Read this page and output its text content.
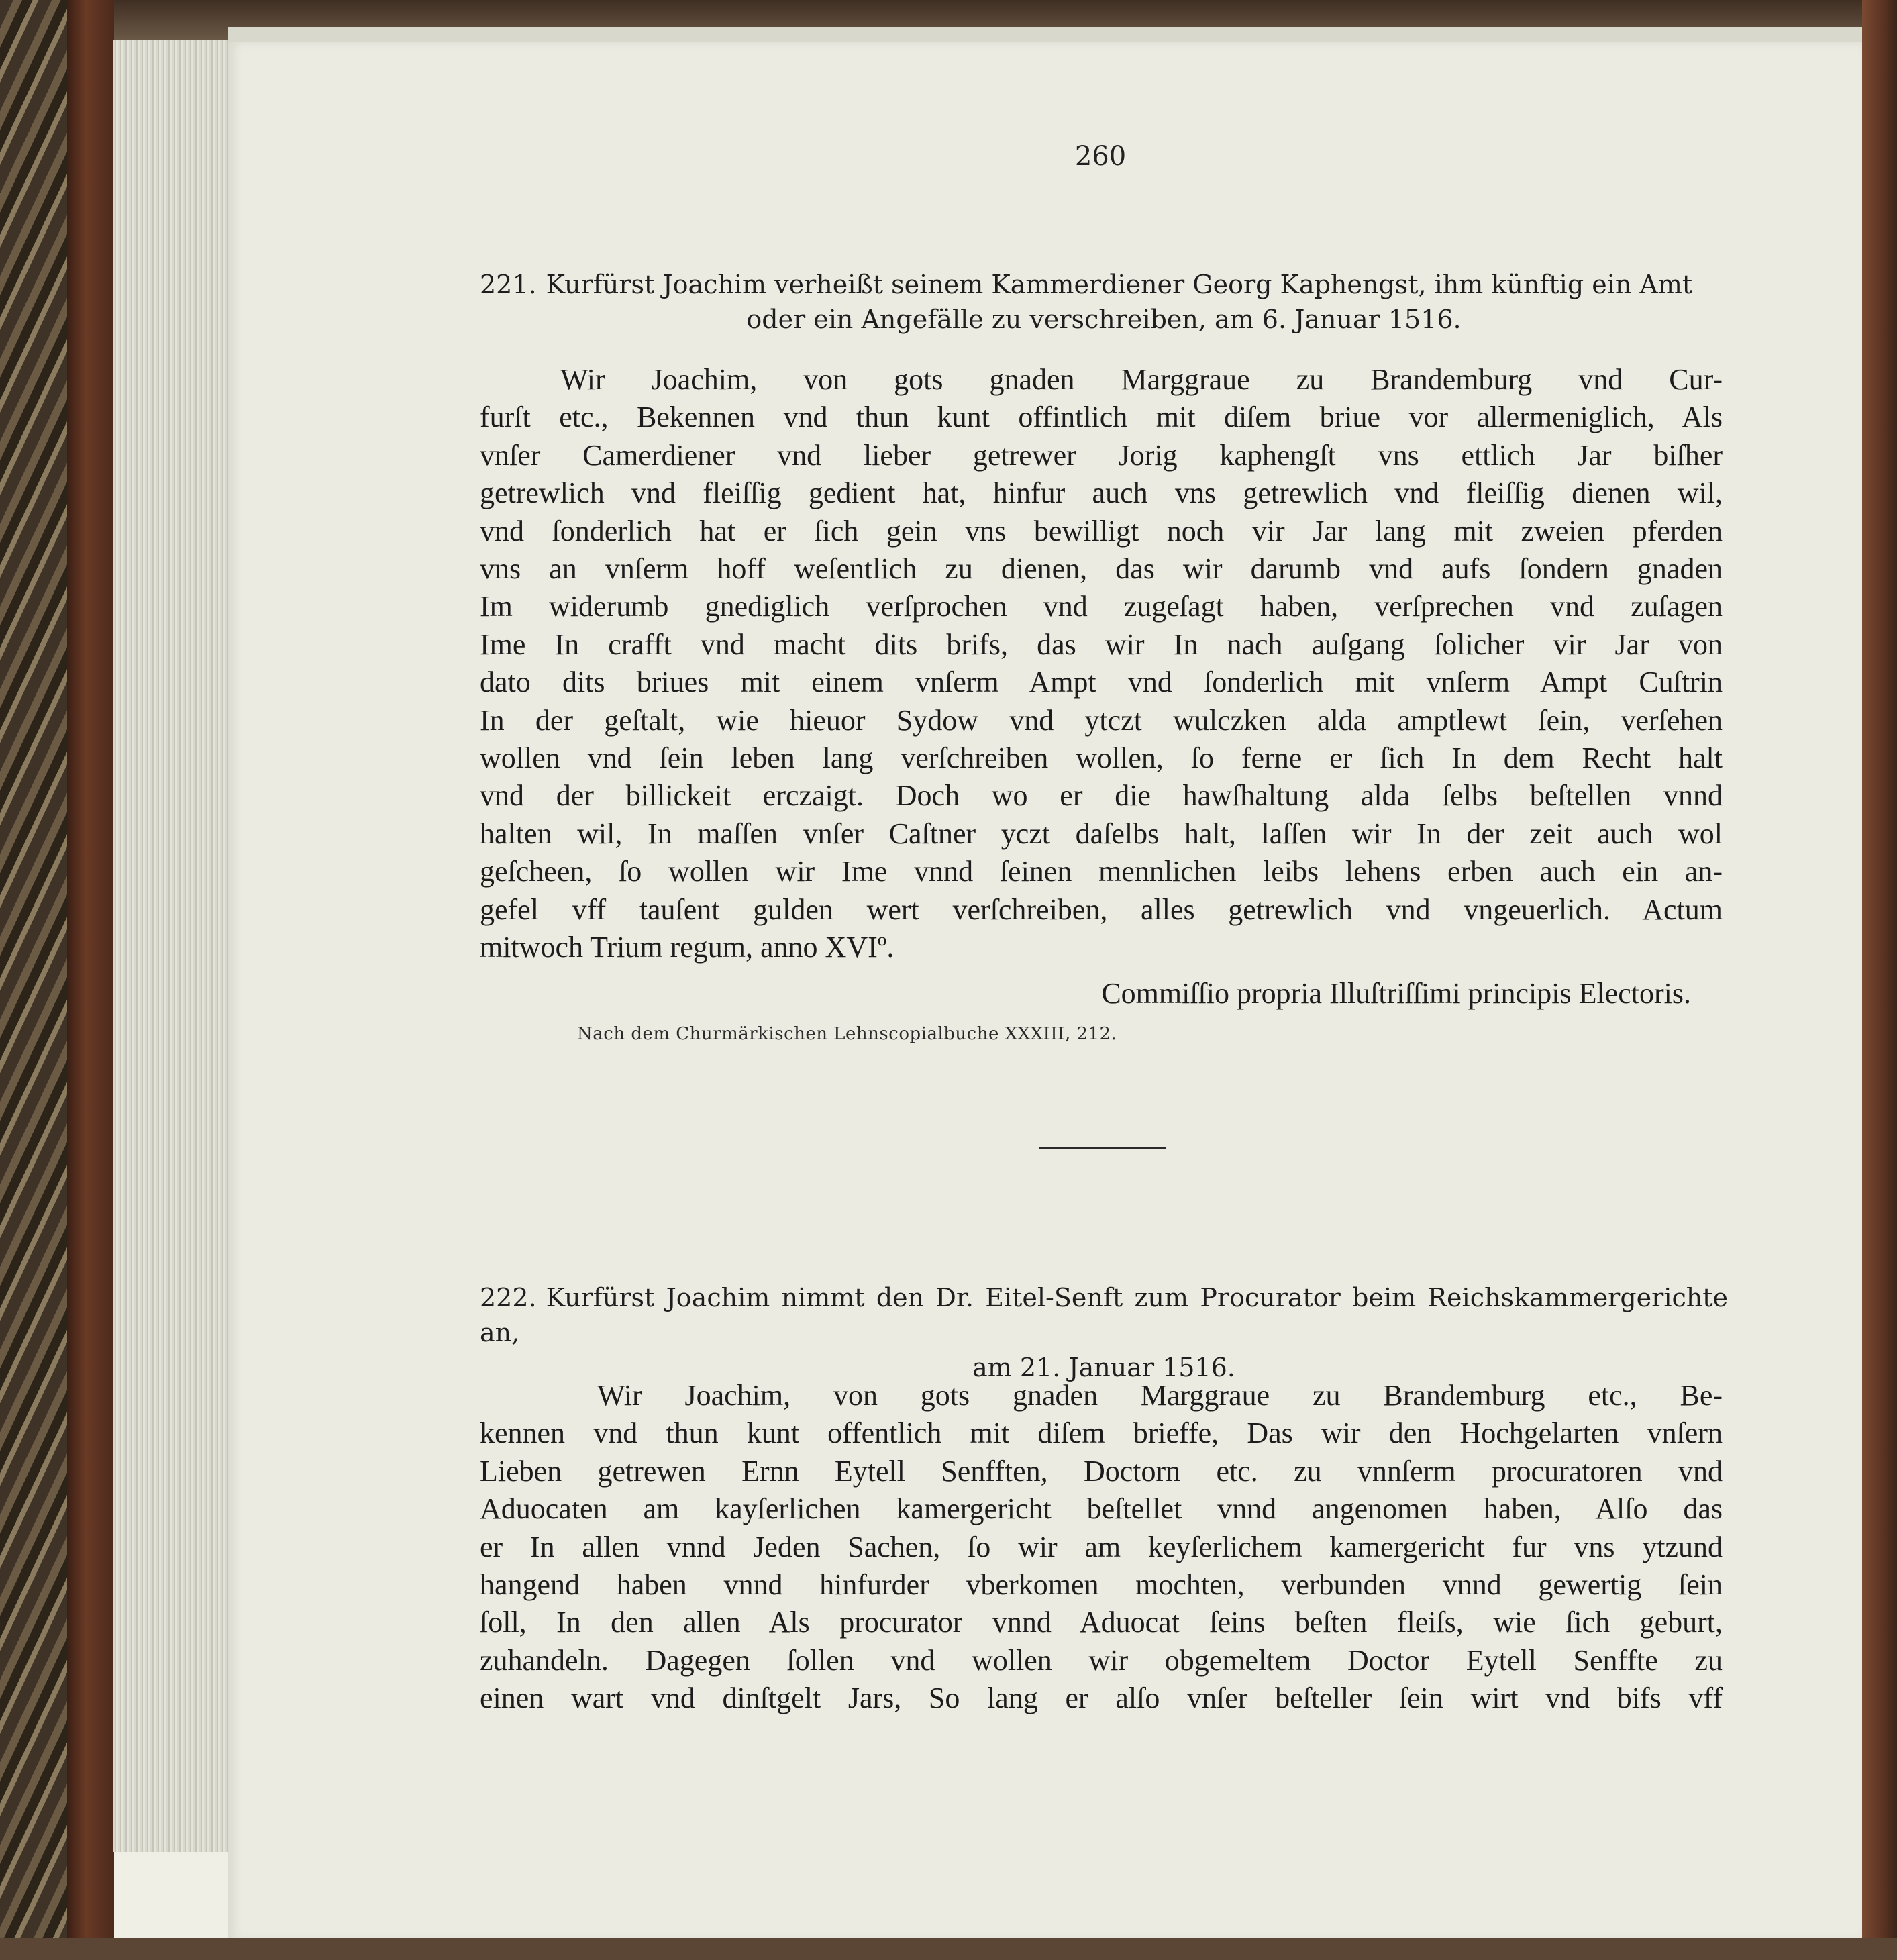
260
221. Kurfürst Joachim verheißt seinem Kammerdiener Georg Kaphengst, ihm künftig ein Amt
oder ein Angefälle zu verschreiben, am 6. Januar 1516.
Wir Joachim, von gots gnaden Marggraue zu Brandemburg vnd Cur-
furſt etc., Bekennen vnd thun kunt offintlich mit diſem briue vor allermeniglich, Als
vnſer Camerdiener vnd lieber getrewer Jorig kaphengſt vns ettlich Jar biſher
getrewlich vnd fleiſſig gedient hat, hinfur auch vns getrewlich vnd fleiſſig dienen wil,
vnd ſonderlich hat er ſich gein vns bewilligt noch vir Jar lang mit zweien pferden
vns an vnſerm hoff weſentlich zu dienen, das wir darumb vnd aufs ſondern gnaden
Im widerumb gnediglich verſprochen vnd zugeſagt haben, verſprechen vnd zuſagen
Ime In crafft vnd macht dits brifs, das wir In nach auſgang ſolicher vir Jar von
dato dits briues mit einem vnſerm Ampt vnd ſonderlich mit vnſerm Ampt Cuſtrin
In der geſtalt, wie hieuor Sydow vnd ytczt wulczken alda amptlewt ſein, verſehen
wollen vnd ſein leben lang verſchreiben wollen, ſo ferne er ſich In dem Recht halt
vnd der billickeit erczaigt. Doch wo er die hawſhaltung alda ſelbs beſtellen vnnd
halten wil, In maſſen vnſer Caſtner yczt daſelbs halt, laſſen wir In der zeit auch wol
geſcheen, ſo wollen wir Ime vnnd ſeinen mennlichen leibs lehens erben auch ein an-
gefel vff tauſent gulden wert verſchreiben, alles getrewlich vnd vngeuerlich. Actum
mitwoch Trium regum, anno XVIº.
Commiſſio propria Illuſtriſſimi principis Electoris.
Nach dem Churmärkischen Lehnscopialbuche XXXIII, 212.
222. Kurfürst Joachim nimmt den Dr. Eitel-Senft zum Procurator beim Reichskammergerichte an,
am 21. Januar 1516.
Wir Joachim, von gots gnaden Marggraue zu Brandemburg etc., Be-
kennen vnd thun kunt offentlich mit diſem brieffe, Das wir den Hochgelarten vnſern
Lieben getrewen Ernn Eytell Senfften, Doctorn etc. zu vnnſerm procuratoren vnd
Aduocaten am kayſerlichen kamergericht beſtellet vnnd angenomen haben, Alſo das
er In allen vnnd Jeden Sachen, ſo wir am keyſerlichem kamergericht fur vns ytzund
hangend haben vnnd hinfurder vberkomen mochten, verbunden vnnd gewertig ſein
ſoll, In den allen Als procurator vnnd Aduocat ſeins beſten fleiſs, wie ſich geburt,
zuhandeln. Dagegen ſollen vnd wollen wir obgemeltem Doctor Eytell Senffte zu
einen wart vnd dinſtgelt Jars, So lang er alſo vnſer beſteller ſein wirt vnd bifs vff
